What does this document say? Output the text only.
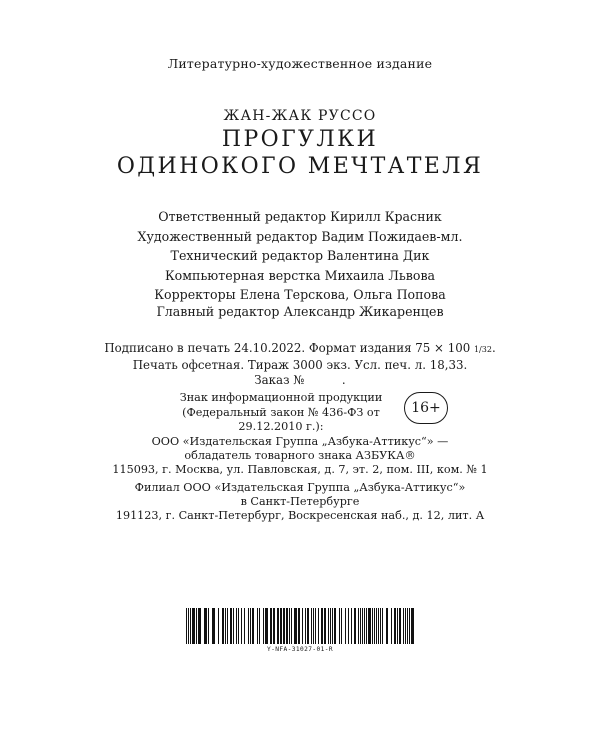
Литературно-художественное издание
ЖАН-ЖАК РУССО
ПРОГУЛКИ
ОДИНОКОГО МЕЧТАТЕЛЯ
Ответственный редактор Кирилл Красник
Художественный редактор Вадим Пожидаев-мл.
Технический редактор Валентина Дик
Компьютерная верстка Михаила Львова
Корректоры Елена Терскова, Ольга Попова
Главный редактор Александр Жикаренцев
Подписано в печать 24.10.2022. Формат издания 75 × 100 1/32.
Печать офсетная. Тираж 3000 экз. Усл. печ. л. 18,33.
Заказ №          .
Знак информационной продукции
(Федеральный закон № 436-ФЗ от 29.12.2010 г.):
16+
ООО «Издательская Группа „Азбука-Аттикус“» —
обладатель товарного знака АЗБУКА®
115093, г. Москва, ул. Павловская, д. 7, эт. 2, пом. III, ком. № 1
Филиал ООО «Издательская Группа „Азбука-Аттикус“»
в Санкт-Петербурге
191123, г. Санкт-Петербург, Воскресенская наб., д. 12, лит. А
Y-NFA-31027-01-R
